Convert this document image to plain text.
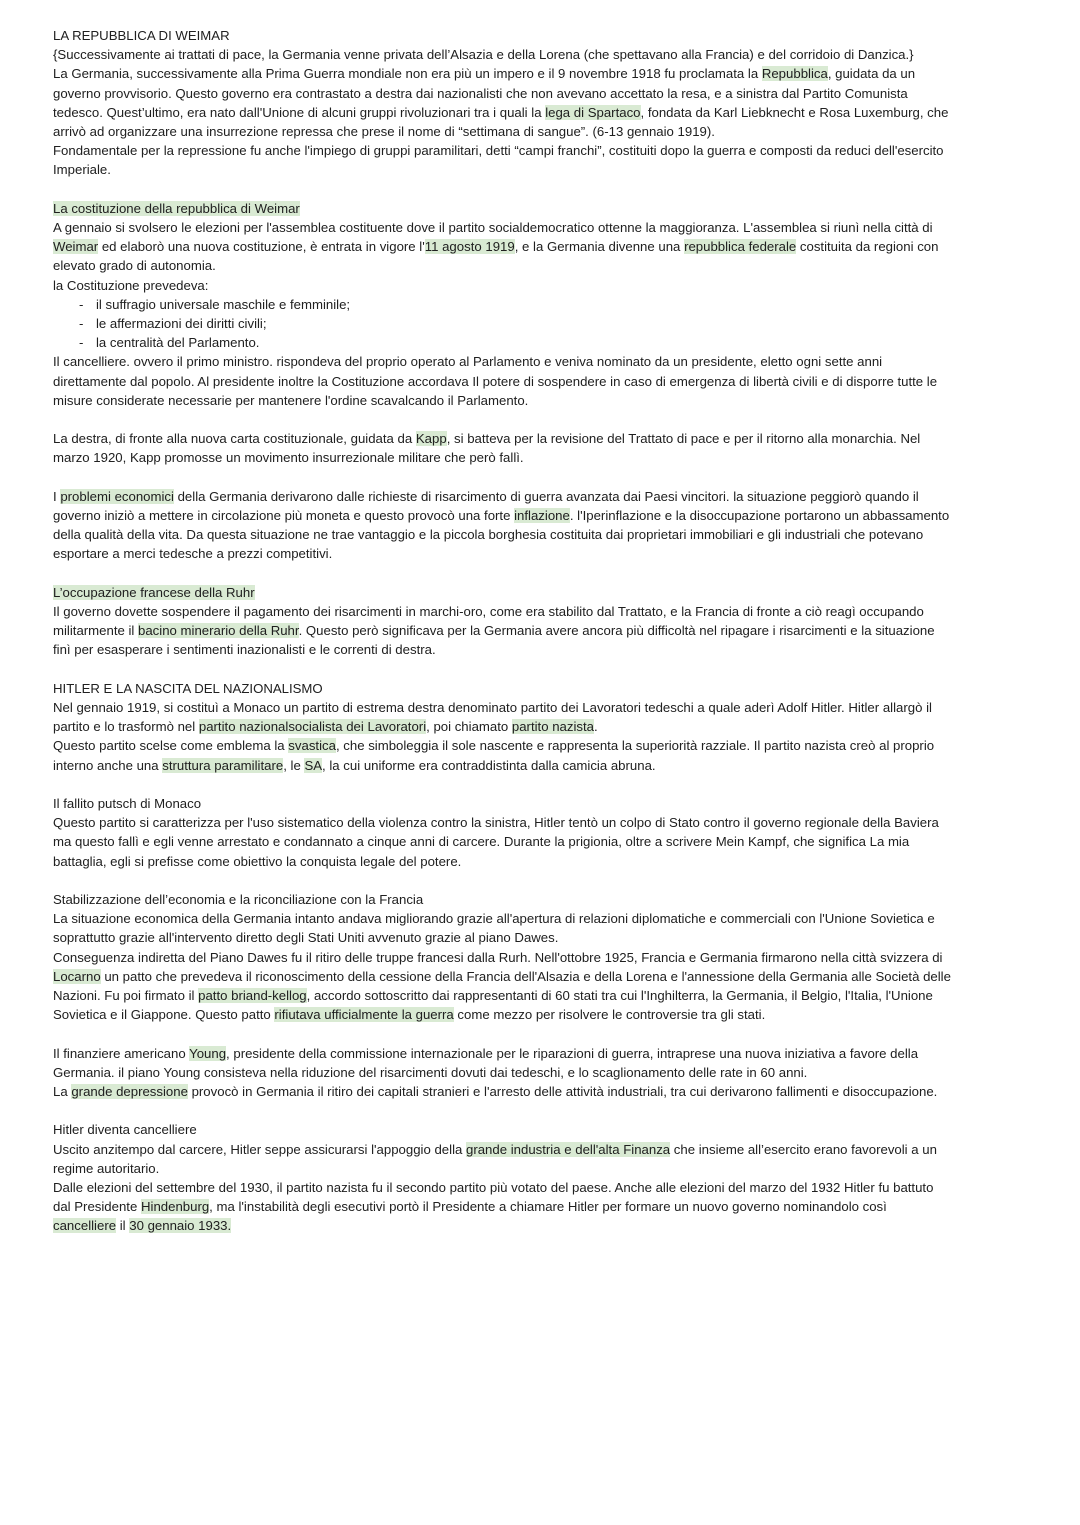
LA REPUBBLICA DI WEIMAR

{Successivamente ai trattati di pace, la Germania venne privata dell’Alsazia e della Lorena (che spettavano alla Francia) e del corridoio di Danzica.}

La Germania, successivamente alla Prima Guerra mondiale non era più un impero e il 9 novembre 1918 fu proclamata la Repubblica, guidata da un governo provvisorio. Questo governo era contrastato a destra dai nazionalisti che non avevano accettato la resa, e a sinistra dal Partito Comunista tedesco. Quest’ultimo, era nato dall'Unione di alcuni gruppi rivoluzionari tra i quali la lega di Spartaco, fondata da Karl Liebknecht e Rosa Luxemburg, che arrivò ad organizzare una insurrezione repressa che prese il nome di “settimana di sangue”. (6-13 gennaio 1919).

Fondamentale per la repressione fu anche l'impiego di gruppi paramilitari, detti “campi franchi”, costituiti dopo la guerra e composti da reduci dell'esercito Imperiale.

La costituzione della repubblica di Weimar

A gennaio si svolsero le elezioni per l'assemblea costituente dove il partito socialdemocratico ottenne la maggioranza. L'assemblea si riunì nella città di Weimar ed elaborò una nuova costituzione, è entrata in vigore l'11 agosto 1919, e la Germania divenne una repubblica federale costituita da regioni con elevato grado di autonomia.

la Costituzione prevedeva:

- il suffragio universale maschile e femminile;
- le affermazioni dei diritti civili;
- la centralità del Parlamento.

Il cancelliere. ovvero il primo ministro. rispondeva del proprio operato al Parlamento e veniva nominato da un presidente, eletto ogni sette anni direttamente dal popolo. Al presidente inoltre la Costituzione accordava Il potere di sospendere in caso di emergenza di libertà civili e di disporre tutte le misure considerate necessarie per mantenere l'ordine scavalcando il Parlamento.

La destra, di fronte alla nuova carta costituzionale, guidata da Kapp, si batteva per la revisione del Trattato di pace e per il ritorno alla monarchia. Nel marzo 1920, Kapp promosse un movimento insurrezionale militare che però fallì.

I problemi economici della Germania derivarono dalle richieste di risarcimento di guerra avanzata dai Paesi vincitori. la situazione peggiorò quando il governo iniziò a mettere in circolazione più moneta e questo provocò una forte inflazione. l'Iperinflazione e la disoccupazione portarono un abbassamento della qualità della vita. Da questa situazione ne trae vantaggio e la piccola borghesia costituita dai proprietari immobiliari e gli industriali che potevano esportare a merci tedesche a prezzi competitivi.

L’occupazione francese della Ruhr

Il governo dovette sospendere il pagamento dei risarcimenti in marchi-oro, come era stabilito dal Trattato, e la Francia di fronte a ciò reagì occupando militarmente il bacino minerario della Ruhr. Questo però significava per la Germania avere ancora più difficoltà nel ripagare i risarcimenti e la situazione finì per esasperare i sentimenti inazionalisti e le correnti di destra.

HITLER E LA NASCITA DEL NAZIONALISMO

Nel gennaio 1919, si costituì a Monaco un partito di estrema destra denominato partito dei Lavoratori tedeschi a quale aderì Adolf Hitler. Hitler allargò il partito e lo trasformò nel partito nazionalsocialista dei Lavoratori, poi chiamato partito nazista.

Questo partito scelse come emblema la svastica, che simboleggia il sole nascente e rappresenta la superiorità razziale. Il partito nazista creò al proprio interno anche una struttura paramilitare, le SA, la cui uniforme era contraddistinta dalla camicia abruna.

Il fallito putsch di Monaco

Questo partito si caratterizza per l'uso sistematico della violenza contro la sinistra, Hitler tentò un colpo di Stato contro il governo regionale della Baviera ma questo fallì e egli venne arrestato e condannato a cinque anni di carcere. Durante la prigionia, oltre a scrivere Mein Kampf, che significa La mia battaglia, egli si prefisse come obiettivo la conquista legale del potere.

Stabilizzazione dell’economia e la riconciliazione con la Francia

La situazione economica della Germania intanto andava migliorando grazie all'apertura di relazioni diplomatiche e commerciali con l'Unione Sovietica e soprattutto grazie all'intervento diretto degli Stati Uniti avvenuto grazie al piano Dawes.

Conseguenza indiretta del Piano Dawes fu il ritiro delle truppe francesi dalla Rurh. Nell'ottobre 1925, Francia e Germania firmarono nella città svizzera di Locarno un patto che prevedeva il riconoscimento della cessione della Francia dell'Alsazia e della Lorena e l'annessione della Germania alle Società delle Nazioni. Fu poi firmato il patto briand-kellog, accordo sottoscritto dai rappresentanti di 60 stati tra cui l'Inghilterra, la Germania, il Belgio, l'Italia, l'Unione Sovietica e il Giappone. Questo patto rifiutava ufficialmente la guerra come mezzo per risolvere le controversie tra gli stati.

Il finanziere americano Young, presidente della commissione internazionale per le riparazioni di guerra, intraprese una nuova iniziativa a favore della Germania. il piano Young consisteva nella riduzione del risarcimenti dovuti dai tedeschi, e lo scaglionamento delle rate in 60 anni.

La grande depressione provocò in Germania il ritiro dei capitali stranieri e l'arresto delle attività industriali, tra cui derivarono fallimenti e disoccupazione.

Hitler diventa cancelliere

Uscito anzitempo dal carcere, Hitler seppe assicurarsi l'appoggio della grande industria e dell'alta Finanza che insieme all’esercito erano favorevoli a un regime autoritario.

Dalle elezioni del settembre del 1930, il partito nazista fu il secondo partito più votato del paese. Anche alle elezioni del marzo del 1932 Hitler fu battuto dal Presidente Hindenburg, ma l'instabilità degli esecutivi portò il Presidente a chiamare Hitler per formare un nuovo governo nominandolo così cancelliere il 30 gennaio 1933.
